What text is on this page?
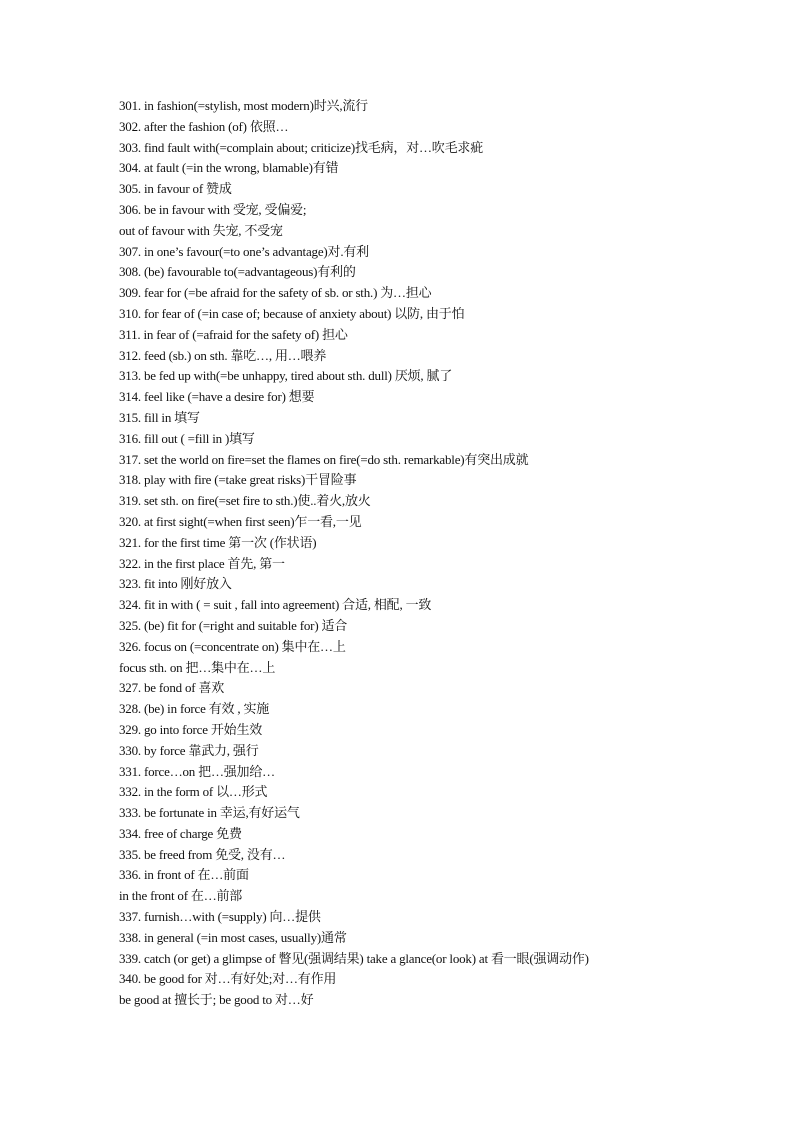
301. in fashion(=stylish, most modern)时兴,流行
302. after the fashion (of) 依照…
303. find fault with(=complain about; criticize)找毛病，对…吹毛求疵
304. at fault (=in the wrong, blamable)有错
305. in favour of 赞成
306. be in favour with 受宠, 受偏爱;
out of favour with 失宠, 不受宠
307. in one’s favour(=to one’s advantage)对.有利
308. (be) favourable to(=advantageous)有利的
309. fear for (=be afraid for the safety of sb. or sth.) 为…担心
310. for fear of (=in case of; because of anxiety about) 以防, 由于怕
311. in fear of (=afraid for the safety of) 担心
312. feed (sb.) on sth. 靠吃…, 用…喂养
313. be fed up with(=be unhappy, tired about sth. dull) 厌烦, 腻了
314. feel like (=have a desire for) 想要
315. fill in 填写
316. fill out ( =fill in )填写
317. set the world on fire=set the flames on fire(=do sth. remarkable)有突出成就
318. play with fire (=take great risks)干冒险事
319. set sth. on fire(=set fire to sth.)使..着火,放火
320. at first sight(=when first seen)乍一看,一见
321. for the first time 第一次 (作状语)
322. in the first place 首先, 第一
323. fit into 刚好放入
324. fit in with ( = suit , fall into agreement) 合适, 相配, 一致
325. (be) fit for (=right and suitable for) 适合
326. focus on (=concentrate on) 集中在…上
focus sth. on 把…集中在…上
327. be fond of 喜欢
328. (be) in force 有效 , 实施
329. go into force 开始生效
330. by force 靠武力, 强行
331. force…on 把…强加给…
332. in the form of 以…形式
333. be fortunate in 幸运,有好运气
334. free of charge 免费
335. be freed from 免受, 没有…
336. in front of 在…前面
in the front of 在…前部
337. furnish…with (=supply) 向…提供
338. in general (=in most cases, usually)通常
339. catch (or get) a glimpse of 瞥见(强调结果) take a glance(or look) at 看一眼(强调动作)
340. be good for 对…有好处;对…有作用
be good at 擅长于; be good to 对…好
